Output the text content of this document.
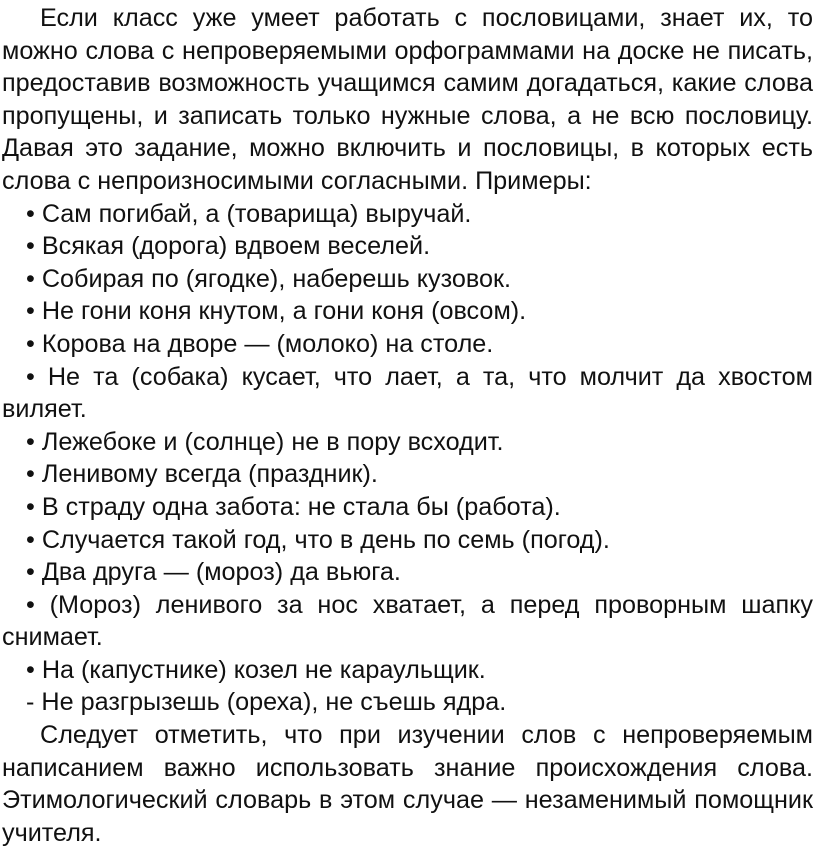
Если класс уже умеет работать с пословицами, знает их, то можно слова с непроверяемыми орфограммами на доске не писать, предоставив возможность учащимся самим догадаться, какие слова пропущены, и записать только нужные слова, а не всю пословицу. Давая это задание, можно включить и пословицы, в которых есть слова с непроизносимыми согласными. Примеры:

• Сам погибай, а (товарища) выручай.

• Всякая (дорога) вдвоем веселей.

• Собирая по (ягодке), наберешь кузовок.

• Не гони коня кнутом, а гони коня (овсом).

• Корова на дворе — (молоко) на столе.

• Не та (собака) кусает, что лает, а та, что молчит да хвостом виляет.

• Лежебоке и (солнце) не в пору всходит.

• Ленивому всегда (праздник).

• В страду одна забота: не стала бы (работа).

• Случается такой год, что в день по семь (погод).

• Два друга — (мороз) да вьюга.

• (Мороз) ленивого за нос хватает, а перед проворным шапку снимает.

• На (капустнике) козел не караульщик.

- Не разгрызешь (ореха), не съешь ядра.

Следует отметить, что при изучении слов с непроверяемым написанием важно использовать знание происхождения слова. Этимологический словарь в этом случае — незаменимый помощник учителя.
